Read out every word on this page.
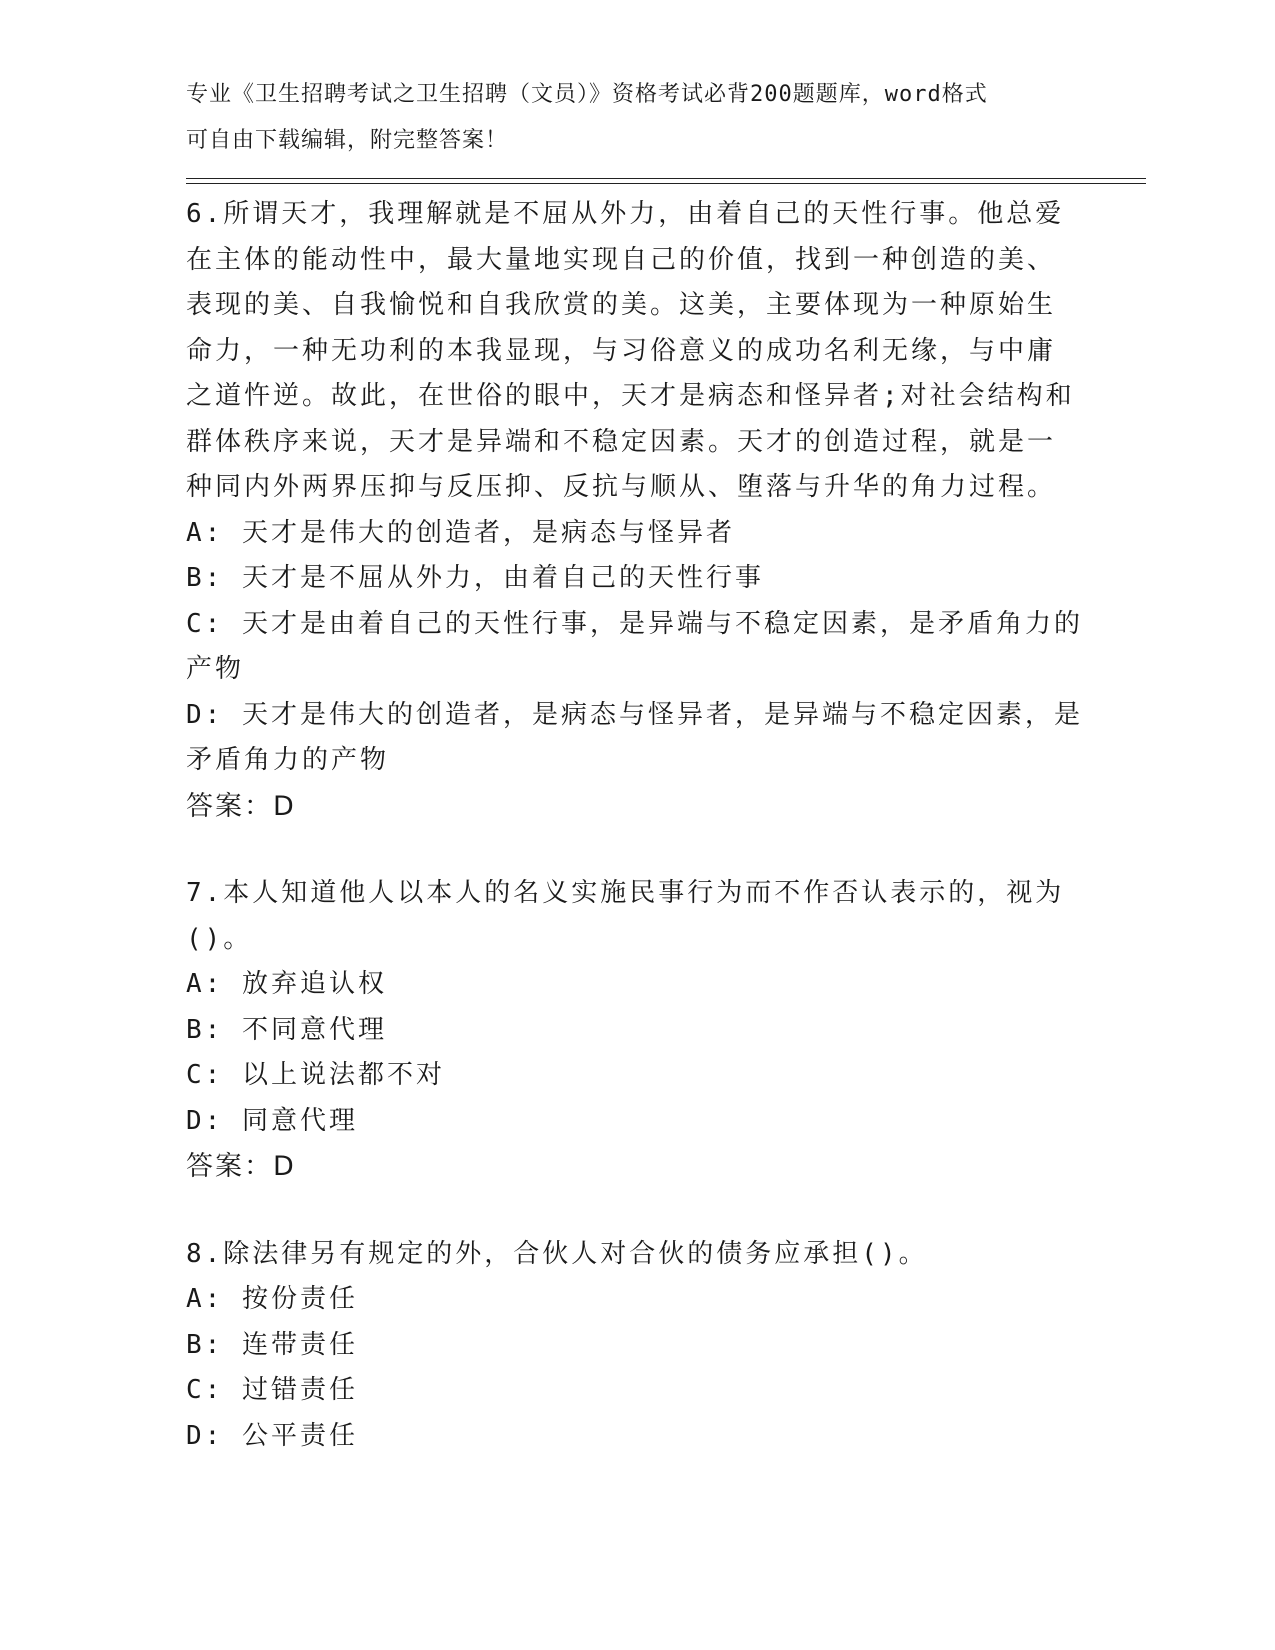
专业《卫生招聘考试之卫生招聘（文员）》资格考试必背200题题库，word格式
可自由下载编辑，附完整答案！
6.所谓天才，我理解就是不屈从外力，由着自己的天性行事。他总爱
在主体的能动性中，最大量地实现自己的价值，找到一种创造的美、
表现的美、自我愉悦和自我欣赏的美。这美，主要体现为一种原始生
命力，一种无功利的本我显现，与习俗意义的成功名利无缘，与中庸
之道忤逆。故此，在世俗的眼中，天才是病态和怪异者;对社会结构和
群体秩序来说，天才是异端和不稳定因素。天才的创造过程，就是一
种同内外两界压抑与反压抑、反抗与顺从、堕落与升华的角力过程。
A: 天才是伟大的创造者，是病态与怪异者
B: 天才是不屈从外力，由着自己的天性行事
C: 天才是由着自己的天性行事，是异端与不稳定因素，是矛盾角力的
产物
D: 天才是伟大的创造者，是病态与怪异者，是异端与不稳定因素，是
矛盾角力的产物
答案：D
7.本人知道他人以本人的名义实施民事行为而不作否认表示的，视为
()。
A: 放弃追认权
B: 不同意代理
C: 以上说法都不对
D: 同意代理
答案：D
8.除法律另有规定的外，合伙人对合伙的债务应承担()。
A: 按份责任
B: 连带责任
C: 过错责任
D: 公平责任
